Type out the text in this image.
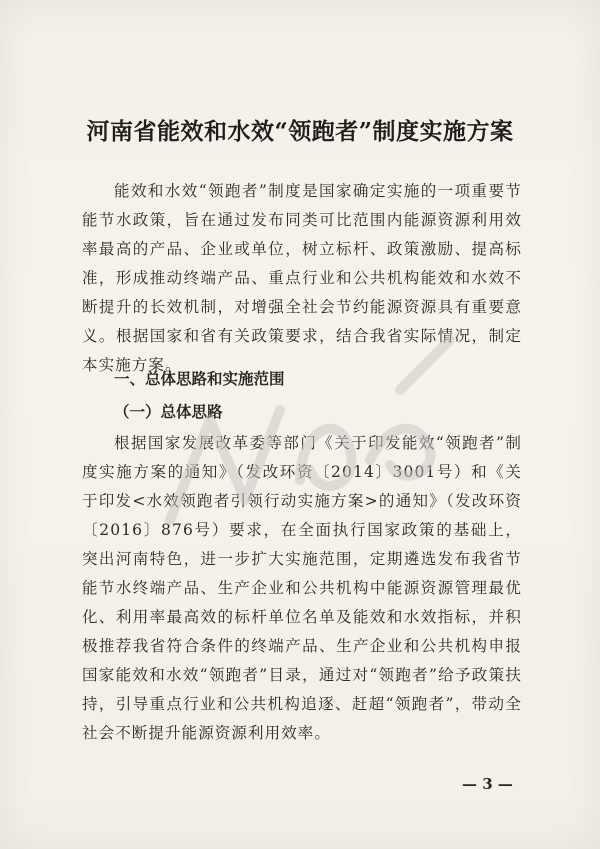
河南省能效和水效“领跑者”制度实施方案
能效和水效“领跑者”制度是国家确定实施的一项重要节能节水政策，旨在通过发布同类可比范围内能源资源利用效率最高的产品、企业或单位，树立标杆、政策激励、提高标准，形成推动终端产品、重点行业和公共机构能效和水效不断提升的长效机制，对增强全社会节约能源资源具有重要意义。根据国家和省有关政策要求，结合我省实际情况，制定本实施方案。
一、总体思路和实施范围
（一）总体思路
根据国家发展改革委等部门《关于印发能效“领跑者”制度实施方案的通知》（发改环资〔2014〕3001号）和《关于印发<水效领跑者引领行动实施方案>的通知》（发改环资〔2016〕876号）要求，在全面执行国家政策的基础上，突出河南特色，进一步扩大实施范围，定期遴选发布我省节能节水终端产品、生产企业和公共机构中能源资源管理最优化、利用率最高效的标杆单位名单及能效和水效指标，并积极推荐我省符合条件的终端产品、生产企业和公共机构申报国家能效和水效“领跑者”目录，通过对“领跑者”给予政策扶持，引导重点行业和公共机构追逐、赶超“领跑者”，带动全社会不断提升能源资源利用效率。
— 3 —
